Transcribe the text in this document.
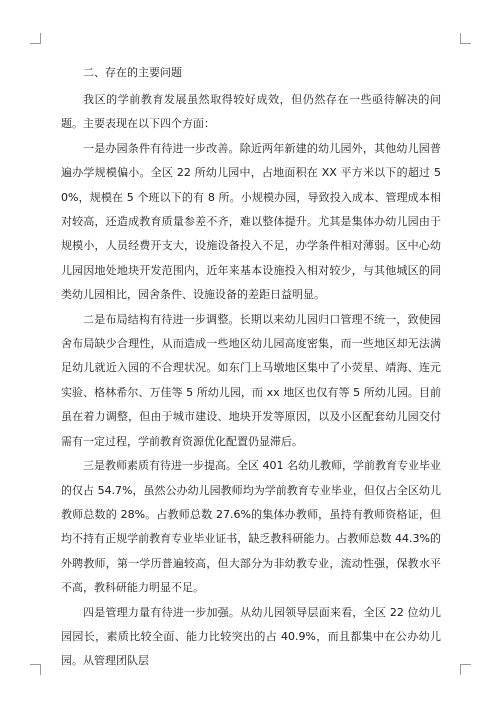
二、存在的主要问题

我区的学前教育发展虽然取得较好成效，但仍然存在一些亟待解决的问题。主要表现在以下四个方面：

一是办园条件有待进一步改善。除近两年新建的幼儿园外，其他幼儿园普遍办学规模偏小。全区 22 所幼儿园中，占地面积在 XX 平方米以下的超过 50%，规模在 5 个班以下的有 8 所。小规模办园，导致投入成本、管理成本相对较高，还造成教育质量参差不齐，难以整体提升。尤其是集体办幼儿园由于规模小，人员经费开支大，设施设备投入不足，办学条件相对薄弱。区中心幼儿园因地处地块开发范围内，近年来基本设施投入相对较少，与其他城区的同类幼儿园相比，园舍条件、设施设备的差距日益明显。

二是布局结构有待进一步调整。长期以来幼儿园归口管理不统一，致使园舍布局缺少合理性，从而造成一些地区幼儿园高度密集，而一些地区却无法满足幼儿就近入园的不合理状况。如东门上马墩地区集中了小荧星、靖海、连元实验、格林希尔、万佳等 5 所幼儿园，而 xx 地区也仅有等 5 所幼儿园。目前虽在着力调整，但由于城市建设、地块开发等原因，以及小区配套幼儿园交付需有一定过程，学前教育资源优化配置仍显滞后。

三是教师素质有待进一步提高。全区 401 名幼儿教师，学前教育专业毕业的仅占 54.7%，虽然公办幼儿园教师均为学前教育专业毕业，但仅占全区幼儿教师总数的 28%。占教师总数 27.6%的集体办教师，虽持有教师资格证，但均不持有正规学前教育专业毕业证书，缺乏教科研能力。占教师总数 44.3%的外聘教师，第一学历普遍较高，但大部分为非幼教专业，流动性强，保教水平不高，教科研能力明显不足。

四是管理力量有待进一步加强。从幼儿园领导层面来看，全区 22 位幼儿园园长，素质比较全面、能力比较突出的占 40.9%，而且都集中在公办幼儿园。从管理团队层
